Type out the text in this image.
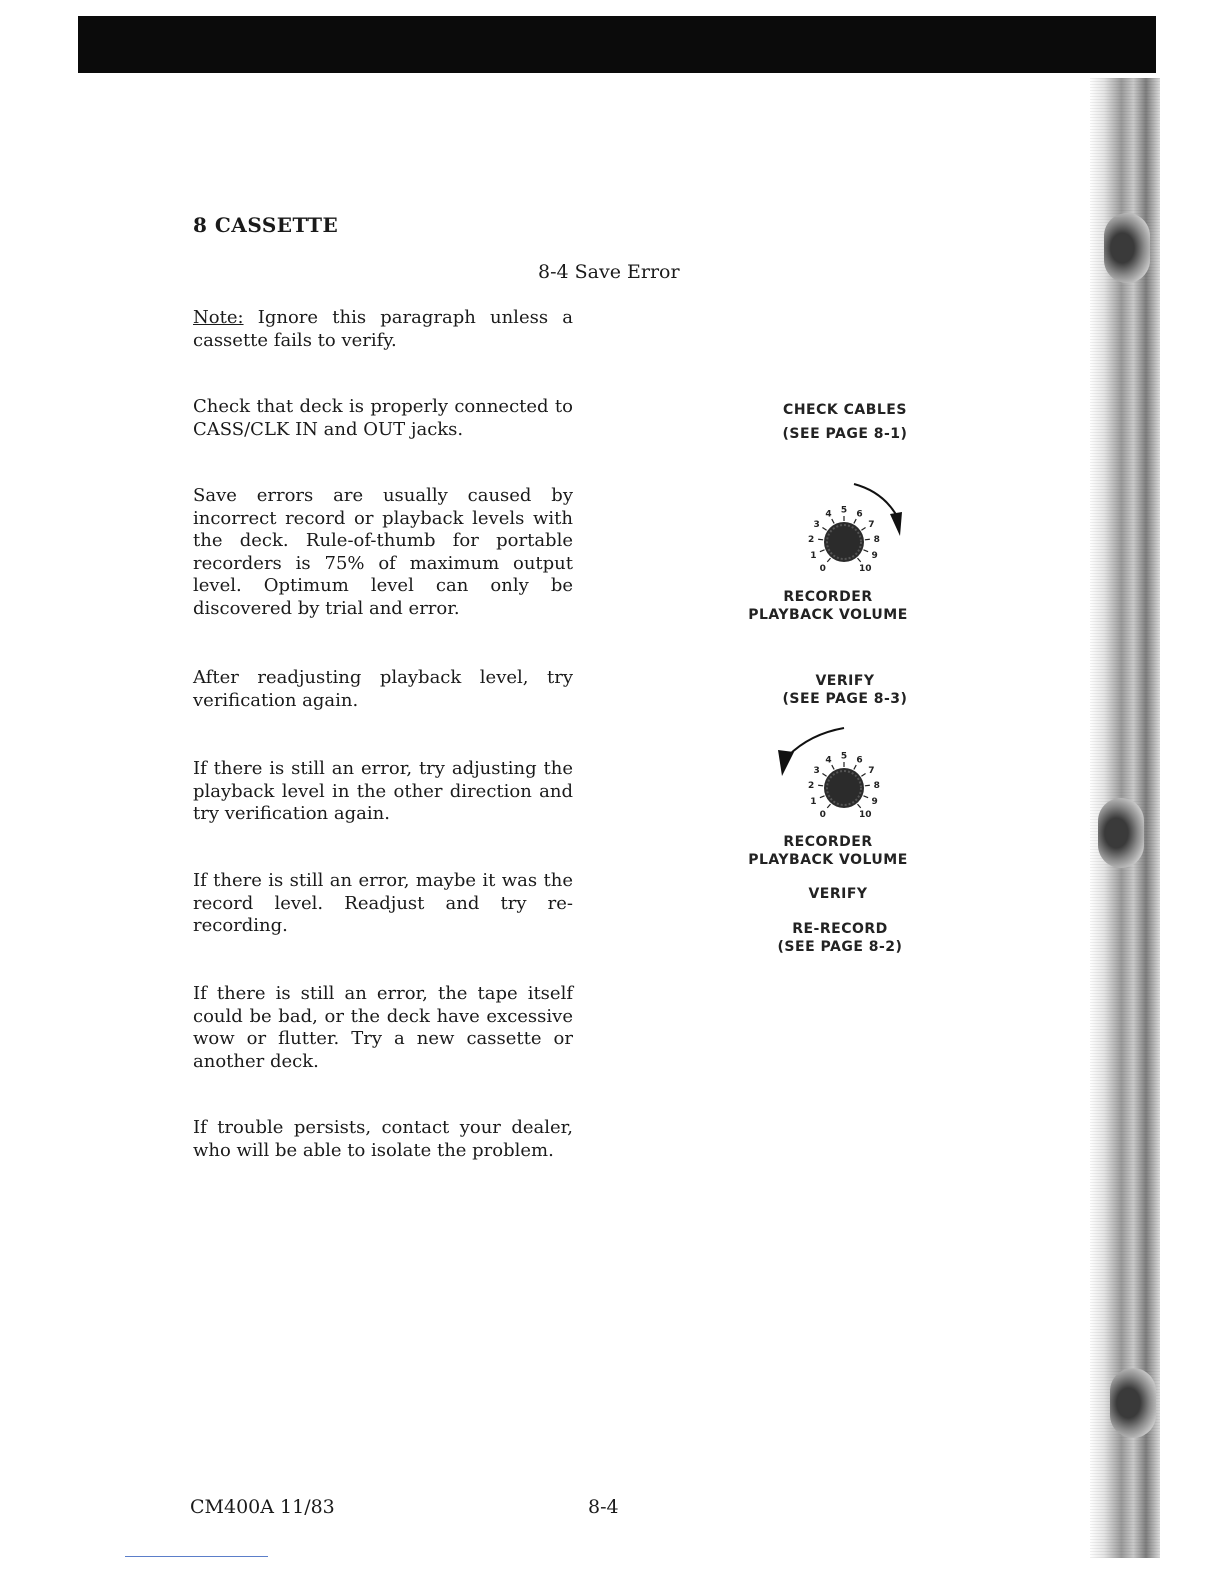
8 CASSETTE
8-4 Save Error

Note: Ignore this paragraph unless a cassette fails to verify.

Check that deck is properly connected to CASS/CLK IN and OUT jacks.

Save errors are usually caused by incorrect record or playback levels with the deck. Rule-of-thumb for portable recorders is 75% of maximum output level. Optimum level can only be discovered by trial and error.

After readjusting playback level, try verification again.

If there is still an error, try adjusting the playback level in the other direction and try verification again.

If there is still an error, maybe it was the record level. Readjust and try re-recording.

If there is still an error, the tape itself could be bad, or the deck have excessive wow or flutter. Try a new cassette or another deck.

If trouble persists, contact your dealer, who will be able to isolate the problem.

CHECK CABLES
(SEE PAGE 8-1)
0
1
2
3
4 5 6
7
8
9
10
RECORDER
PLAYBACK VOLUME
VERIFY
(SEE PAGE 8-3)
0
1
2
3
4 5 6
7
8
9
10
RECORDER
PLAYBACK VOLUME
VERIFY
RE-RECORD
(SEE PAGE 8-2)
CM400A 11/83	8-4
